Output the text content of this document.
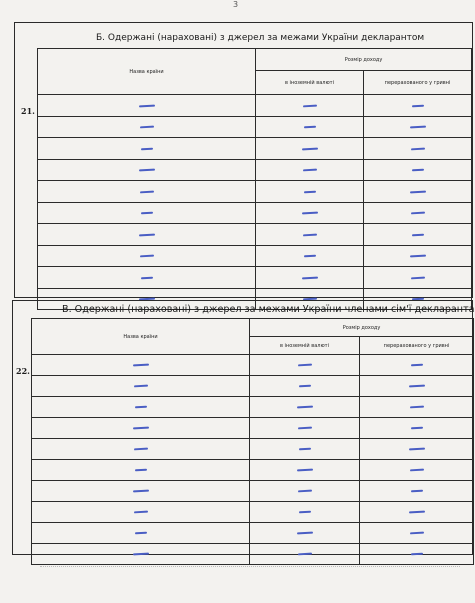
3
Б. Одержані (нараховані) з джерел за межами України декларантом
21.
Назва країни	Розмір доходу	
	в іноземній валюті	перерахованого у гривні

В. Одержані (нараховані) з джерел за межами України членами сім'ї декларанта
22.
Назва країни	Розмір доходу	
	в іноземній валюті	перерахованого у гривні
